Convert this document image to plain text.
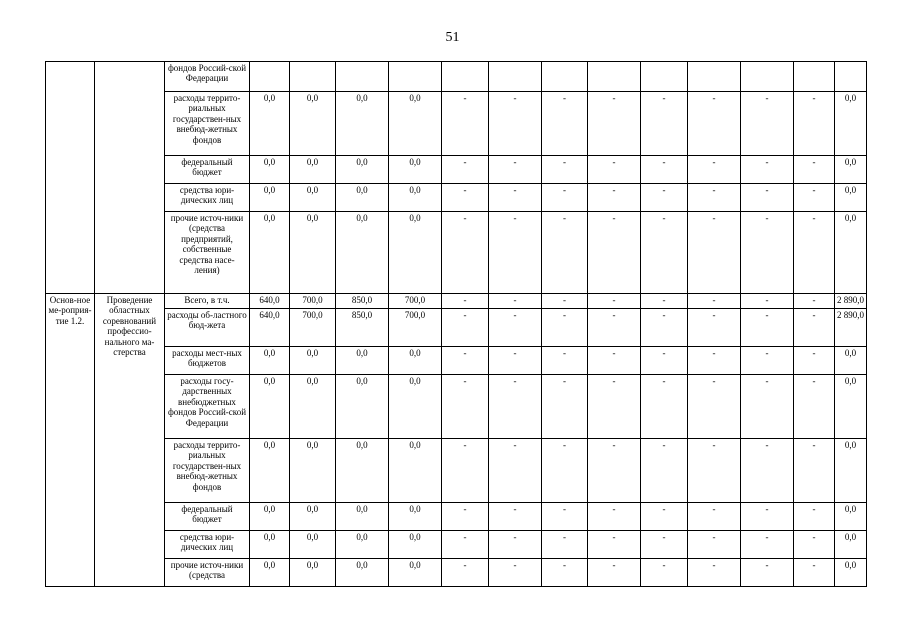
51
		фондов Россий-ской Федерации													
		расходы террито-риальных государствен-ных внебюд-жетных фондов	0,0	0,0	0,0	0,0	-	-	-	-	-	-	-	-	0,0
		федеральный бюджет	0,0	0,0	0,0	0,0	-	-	-	-	-	-	-	-	0,0
		средства юри-дических лиц	0,0	0,0	0,0	0,0	-	-	-	-	-	-	-	-	0,0
		прочие источ-ники (средства предприятий, собственные средства насе-ления)	0,0	0,0	0,0	0,0	-	-	-	-	-	-	-	-	0,0
Основ-ное ме-роприя-тие 1.2.	Проведение областных соревнований профессио-нального ма-стерства	Всего, в т.ч.	640,0	700,0	850,0	700,0	-	-	-	-	-	-	-	-	2 890,0
		расходы об-ластного бюд-жета	640,0	700,0	850,0	700,0	-	-	-	-	-	-	-	-	2 890,0
		расходы мест-ных бюджетов	0,0	0,0	0,0	0,0	-	-	-	-	-	-	-	-	0,0
		расходы госу-дарственных внебюджетных фондов Россий-ской Федерации	0,0	0,0	0,0	0,0	-	-	-	-	-	-	-	-	0,0
		расходы террито-риальных государствен-ных внебюд-жетных фондов	0,0	0,0	0,0	0,0	-	-	-	-	-	-	-	-	0,0
		федеральный бюджет	0,0	0,0	0,0	0,0	-	-	-	-	-	-	-	-	0,0
		средства юри-дических лиц	0,0	0,0	0,0	0,0	-	-	-	-	-	-	-	-	0,0
		прочие источ-ники (средства	0,0	0,0	0,0	0,0	-	-	-	-	-	-	-	-	0,0
